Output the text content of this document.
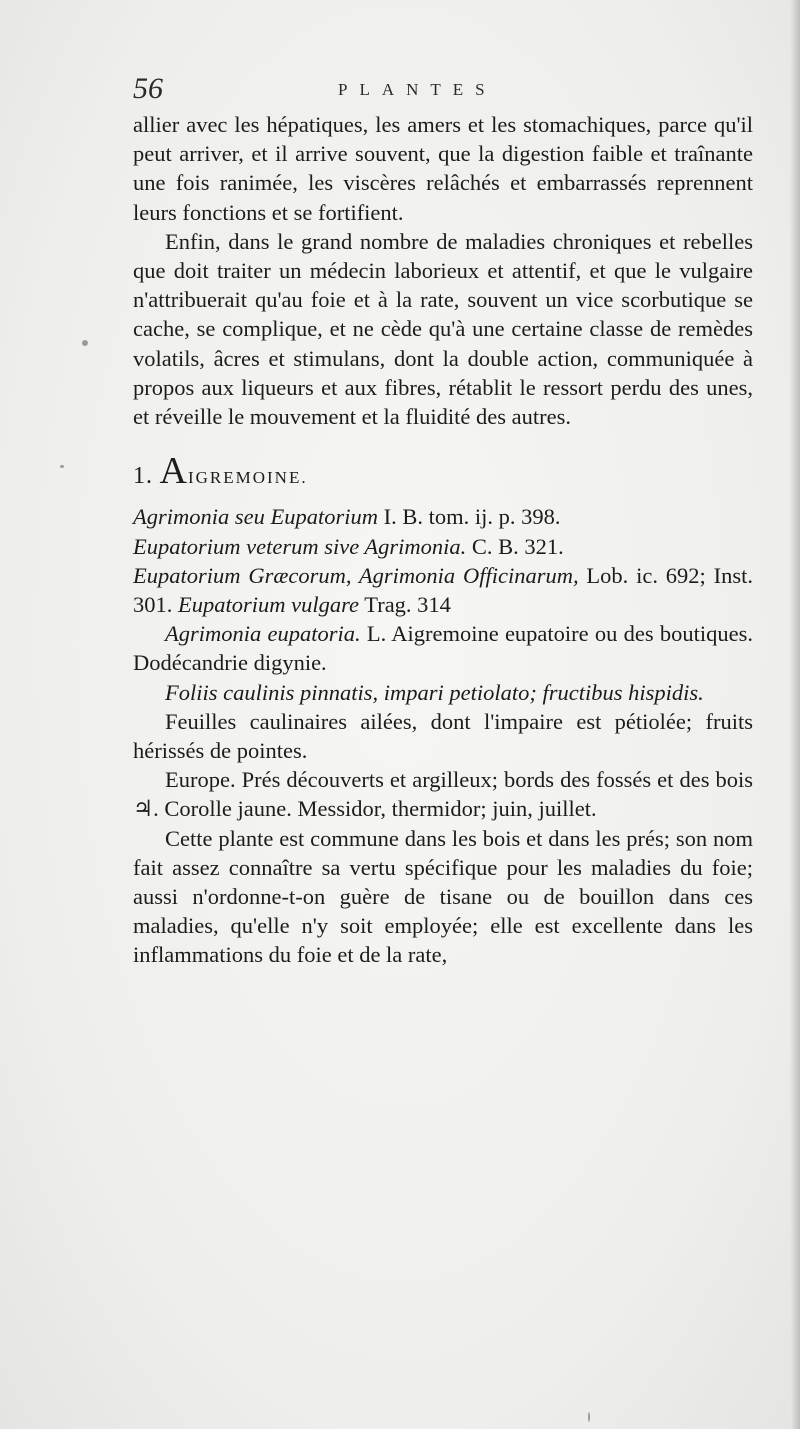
56	PLANTES

allier avec les hépatiques, les amers et les stomachiques, parce qu'il peut arriver, et il arrive souvent, que la digestion faible et traînante une fois ranimée, les viscères relâchés et embarrassés reprennent leurs fonctions et se fortifient.

Enfin, dans le grand nombre de maladies chroniques et rebelles que doit traiter un médecin laborieux et attentif, et que le vulgaire n'attribuerait qu'au foie et à la rate, souvent un vice scorbutique se cache, se complique, et ne cède qu'à une certaine classe de remèdes volatils, âcres et stimulans, dont la double action, communiquée à propos aux liqueurs et aux fibres, rétablit le ressort perdu des unes, et réveille le mouvement et la fluidité des autres.

1. AIGREMOINE.

Agrimonia seu Eupatorium I. B. tom. ij. p. 398.

Eupatorium veterum sive Agrimonia. C. B. 321.

Eupatorium Græcorum, Agrimonia Officinarum, Lob. ic. 692; Inst. 301. Eupatorium vulgare Trag. 314

Agrimonia eupatoria. L. Aigremoine eupatoire ou des boutiques. Dodécandrie digynie.

Foliis caulinis pinnatis, impari petiolato; fructibus hispidis.

Feuilles caulinaires ailées, dont l'impaire est pétiolée; fruits hérissés de pointes.

Europe. Prés découverts et argilleux; bords des fossés et des bois ♃. Corolle jaune. Messidor, thermidor; juin, juillet.

Cette plante est commune dans les bois et dans les prés; son nom fait assez connaître sa vertu spécifique pour les maladies du foie; aussi n'ordonne-t-on guère de tisane ou de bouillon dans ces maladies, qu'elle n'y soit employée; elle est excellente dans les inflammations du foie et de la rate,
